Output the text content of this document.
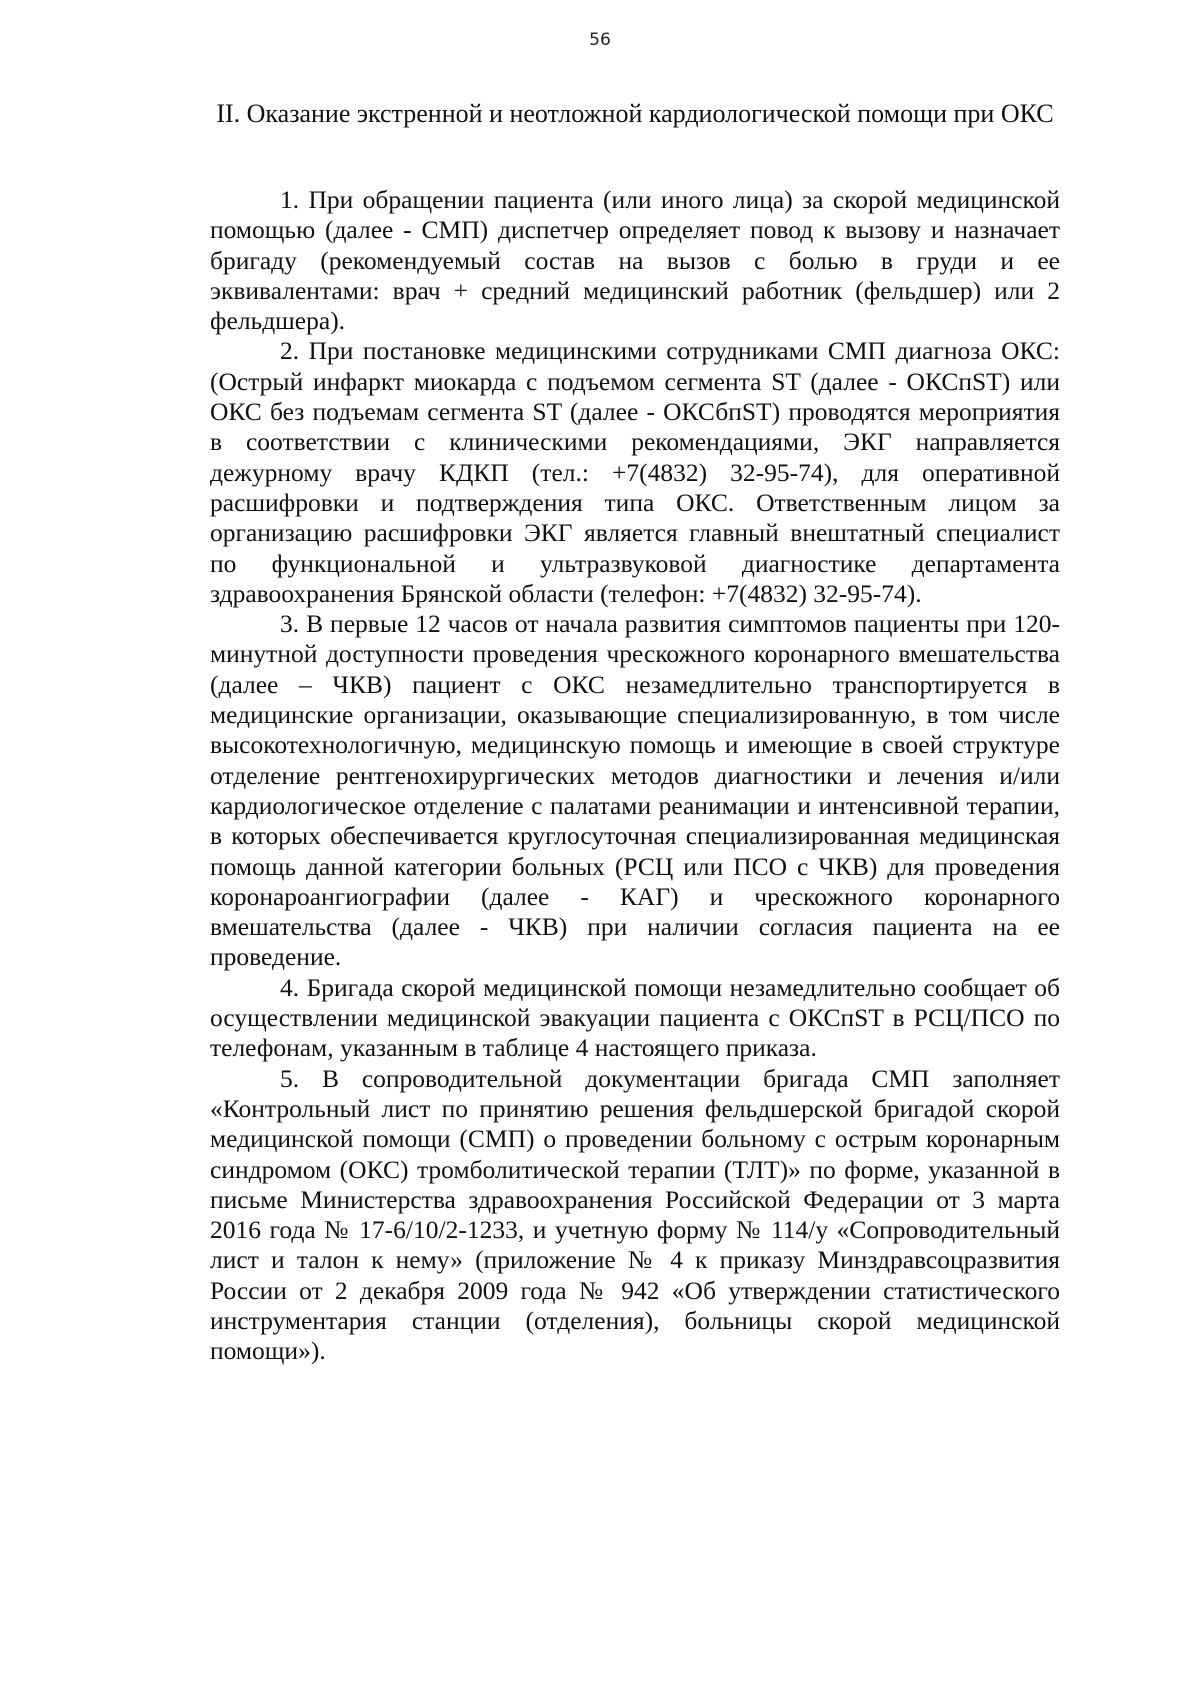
56
II. Оказание экстренной и неотложной кардиологической помощи при ОКС

1. При обращении пациента (или иного лица) за скорой медицинской помощью (далее - СМП) диспетчер определяет повод к вызову и назначает бригаду (рекомендуемый состав на вызов с болью в груди и ее эквивалентами: врач + средний медицинский работник (фельдшер) или 2 фельдшера).

2. При постановке медицинскими сотрудниками СМП диагноза ОКС: (Острый инфаркт миокарда с подъемом сегмента ST (далее - ОКСпST) или ОКС без подъемам сегмента ST (далее - ОКСбпST) проводятся мероприятия в соответствии с клиническими рекомендациями, ЭКГ направляется дежурному врачу КДКП (тел.: +7(4832) 32-95-74), для оперативной расшифровки и подтверждения типа ОКС. Ответственным лицом за организацию расшифровки ЭКГ является главный внештатный специалист по функциональной и ультразвуковой диагностике департамента здравоохранения Брянской области (телефон: +7(4832) 32-95-74).

3. В первые 12 часов от начала развития симптомов пациенты при 120-минутной доступности проведения чрескожного коронарного вмешательства (далее – ЧКВ) пациент с ОКС незамедлительно транспортируется в медицинские организации, оказывающие специализированную, в том числе высокотехнологичную, медицинскую помощь и имеющие в своей структуре отделение рентгенохирургических методов диагностики и лечения и/или кардиологическое отделение с палатами реанимации и интенсивной терапии, в которых обеспечивается круглосуточная специализированная медицинская помощь данной категории больных (РСЦ или ПСО с ЧКВ) для проведения коронароангиографии (далее - КАГ) и чрескожного коронарного вмешательства (далее - ЧКВ) при наличии согласия пациента на ее проведение.

4. Бригада скорой медицинской помощи незамедлительно сообщает об осуществлении медицинской эвакуации пациента с ОКСпST в РСЦ/ПСО по телефонам, указанным в таблице 4 настоящего приказа.

5. В сопроводительной документации бригада СМП заполняет «Контрольный лист по принятию решения фельдшерской бригадой скорой медицинской помощи (СМП) о проведении больному с острым коронарным синдромом (ОКС) тромболитической терапии (ТЛТ)» по форме, указанной в письме Министерства здравоохранения Российской Федерации от 3 марта 2016 года № 17-6/10/2-1233, и учетную форму № 114/у «Сопроводительный лист и талон к нему» (приложение № 4 к приказу Минздравсоцразвития России от 2 декабря 2009 года № 942 «Об утверждении статистического инструментария станции (отделения), больницы скорой медицинской помощи»).
